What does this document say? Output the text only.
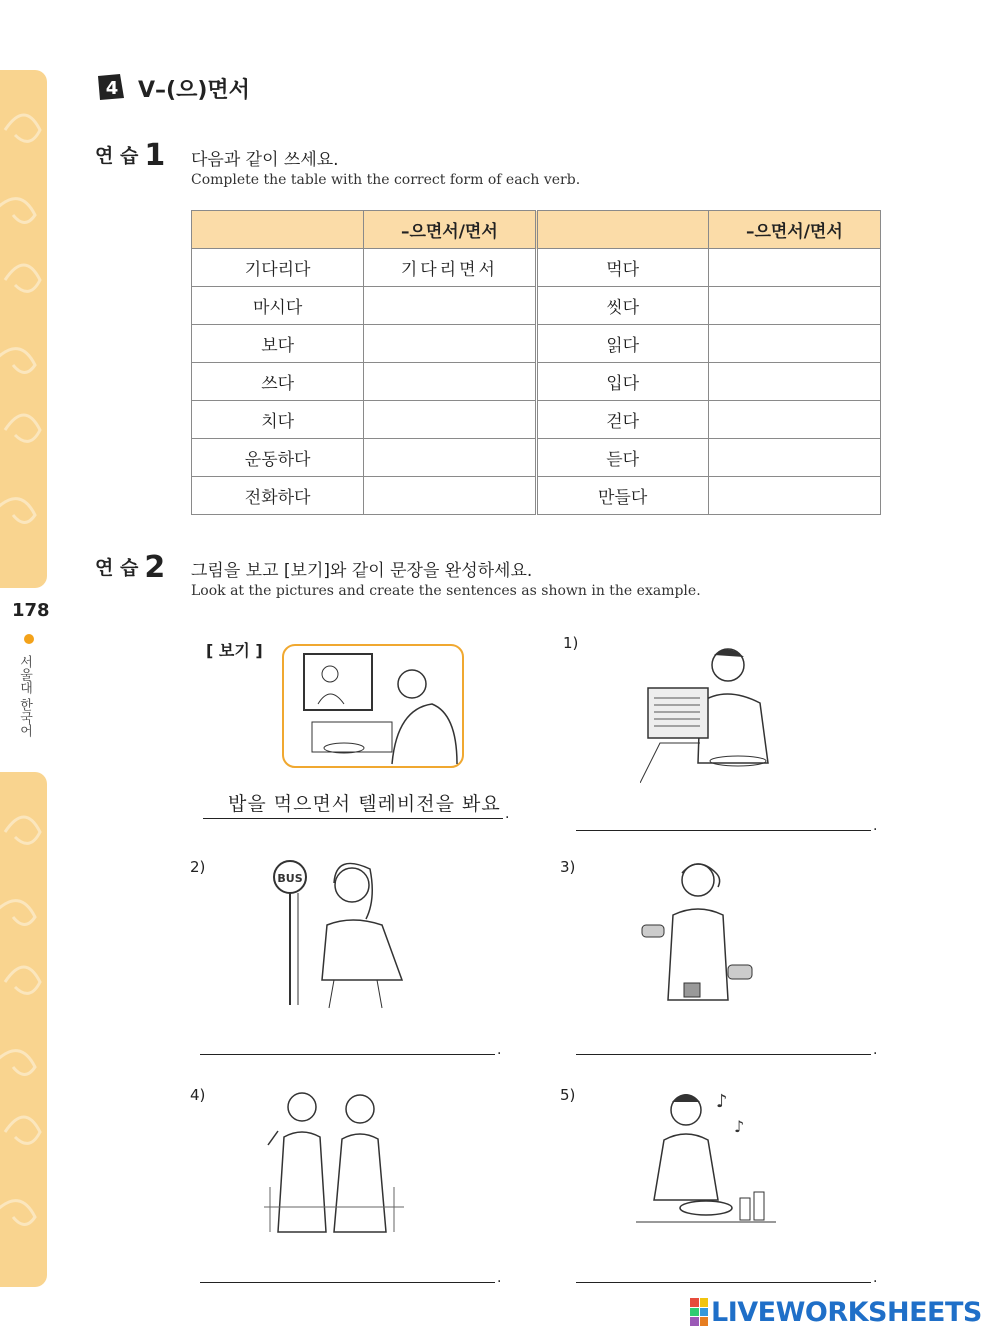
178
서울대 한국어
4 V–(으)면서
연 습 1 다음과 같이 쓰세요.
Complete the table with the correct form of each verb.
	–으면서/면서		–으면서/면서
기다리다	기다리면서	먹다	
마시다		씻다	
보다		읽다	
쓰다		입다	
치다		걷다	
운동하다		듣다	
전화하다		만들다	
연 습 2 그림을 보고 [보기]와 같이 문장을 완성하세요.
Look at the pictures and create the sentences as shown in the example.
[ 보기 ]
밥을 먹으면서 텔레비전을 봐요 .
1)
.
2)
BUS
.
3)
.
4)
.
5)	♪
♪
.
LIVEWORKSHEETS
